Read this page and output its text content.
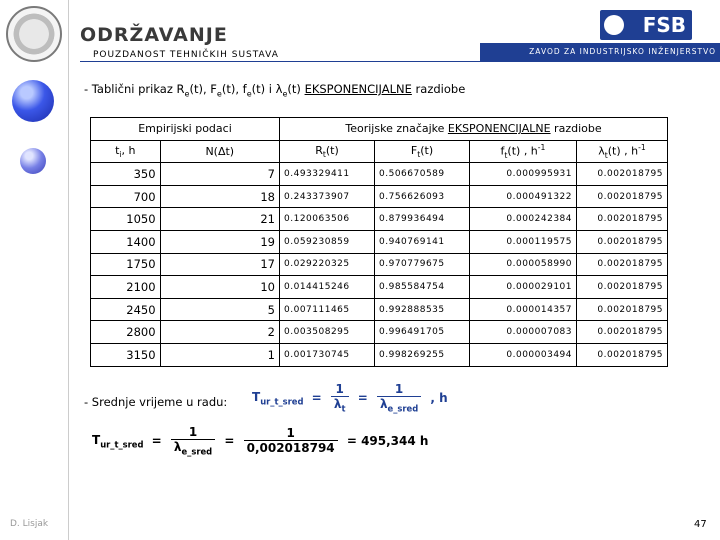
ODRŽAVANJE
POUZDANOST TEHNIČKIH SUSTAVA
FSB
ZAVOD ZA INDUSTRIJSKO INŽENJERSTVO
- Tablični prikaz $R_e(t)$, $F_e(t)$, $f_e(t)$ i $\lambda_e(t)$ EKSPONENCIJALNE razdiobe
Empirijski podaci		Teorijske značajke EKSPONENCIJALNE razdiobe			
$t_i$, h	N(Δt)	$R_t(t)$	$F_t(t)$	$f_t(t)$ , $h^{-1}$	$\lambda_t(t)$ , $h^{-1}$
350	7	0.493329411	0.506670589	0.000995931	0.002018795
700	18	0.243373907	0.756626093	0.000491322	0.002018795
1050	21	0.120063506	0.879936494	0.000242384	0.002018795
1400	19	0.059230859	0.940769141	0.000119575	0.002018795
1750	17	0.029220325	0.970779675	0.000058990	0.002018795
2100	10	0.014415246	0.985584754	0.000029101	0.002018795
2450	5	0.007111465	0.992888535	0.000014357	0.002018795
2800	2	0.003508295	0.996491705	0.000007083	0.002018795
3150	1	0.001730745	0.998269255	0.000003494	0.002018795
- Srednje vrijeme u radu: $T_{ur\_t\_sred} = \frac{1}{\lambda_t} = \frac{1}{\lambda_{e\_sred}}$ , h
$T_{ur\_t\_sred} = \frac{1}{\lambda_{e\_sred}} = \frac{1}{0,002018794} = 495,344$ h
D. Lisjak	47
